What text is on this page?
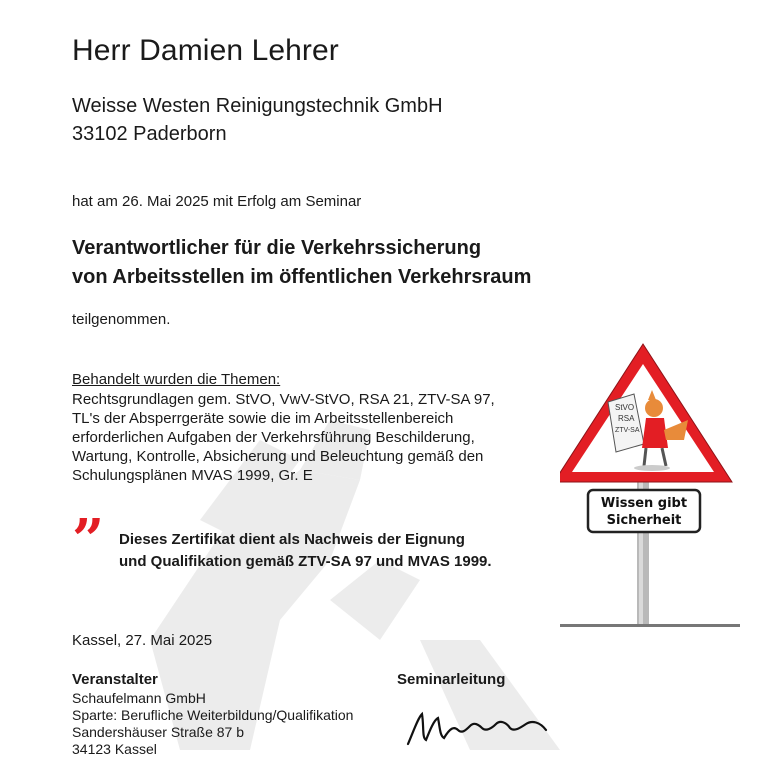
Herr Damien Lehrer
Weisse Westen Reinigungstechnik GmbH
33102 Paderborn
hat am 26. Mai 2025 mit Erfolg am Seminar
Verantwortlicher für die Verkehrssicherung
von Arbeitsstellen im öffentlichen Verkehrsraum
teilgenommen.
Behandelt wurden die Themen:
Rechtsgrundlagen gem. StVO, VwV-StVO, RSA 21, ZTV-SA 97,
TL's der Absperrgeräte sowie die im Arbeitsstellenbereich
erforderlichen Aufgaben der Verkehrsführung Beschilderung,
Wartung, Kontrolle, Absicherung und Beleuchtung gemäß den
Schulungsplänen MVAS 1999, Gr. E
” Dieses Zertifikat dient als Nachweis der Eignung
und Qualifikation gemäß ZTV-SA 97 und MVAS 1999.
StVO
RSA
ZTV-SA
Wissen gibt
Sicherheit
Kassel, 27. Mai 2025
Veranstalter
Schaufelmann GmbH
Sparte: Berufliche Weiterbildung/Qualifikation
Sandershäuser Straße 87 b
34123 Kassel
Seminarleitung
